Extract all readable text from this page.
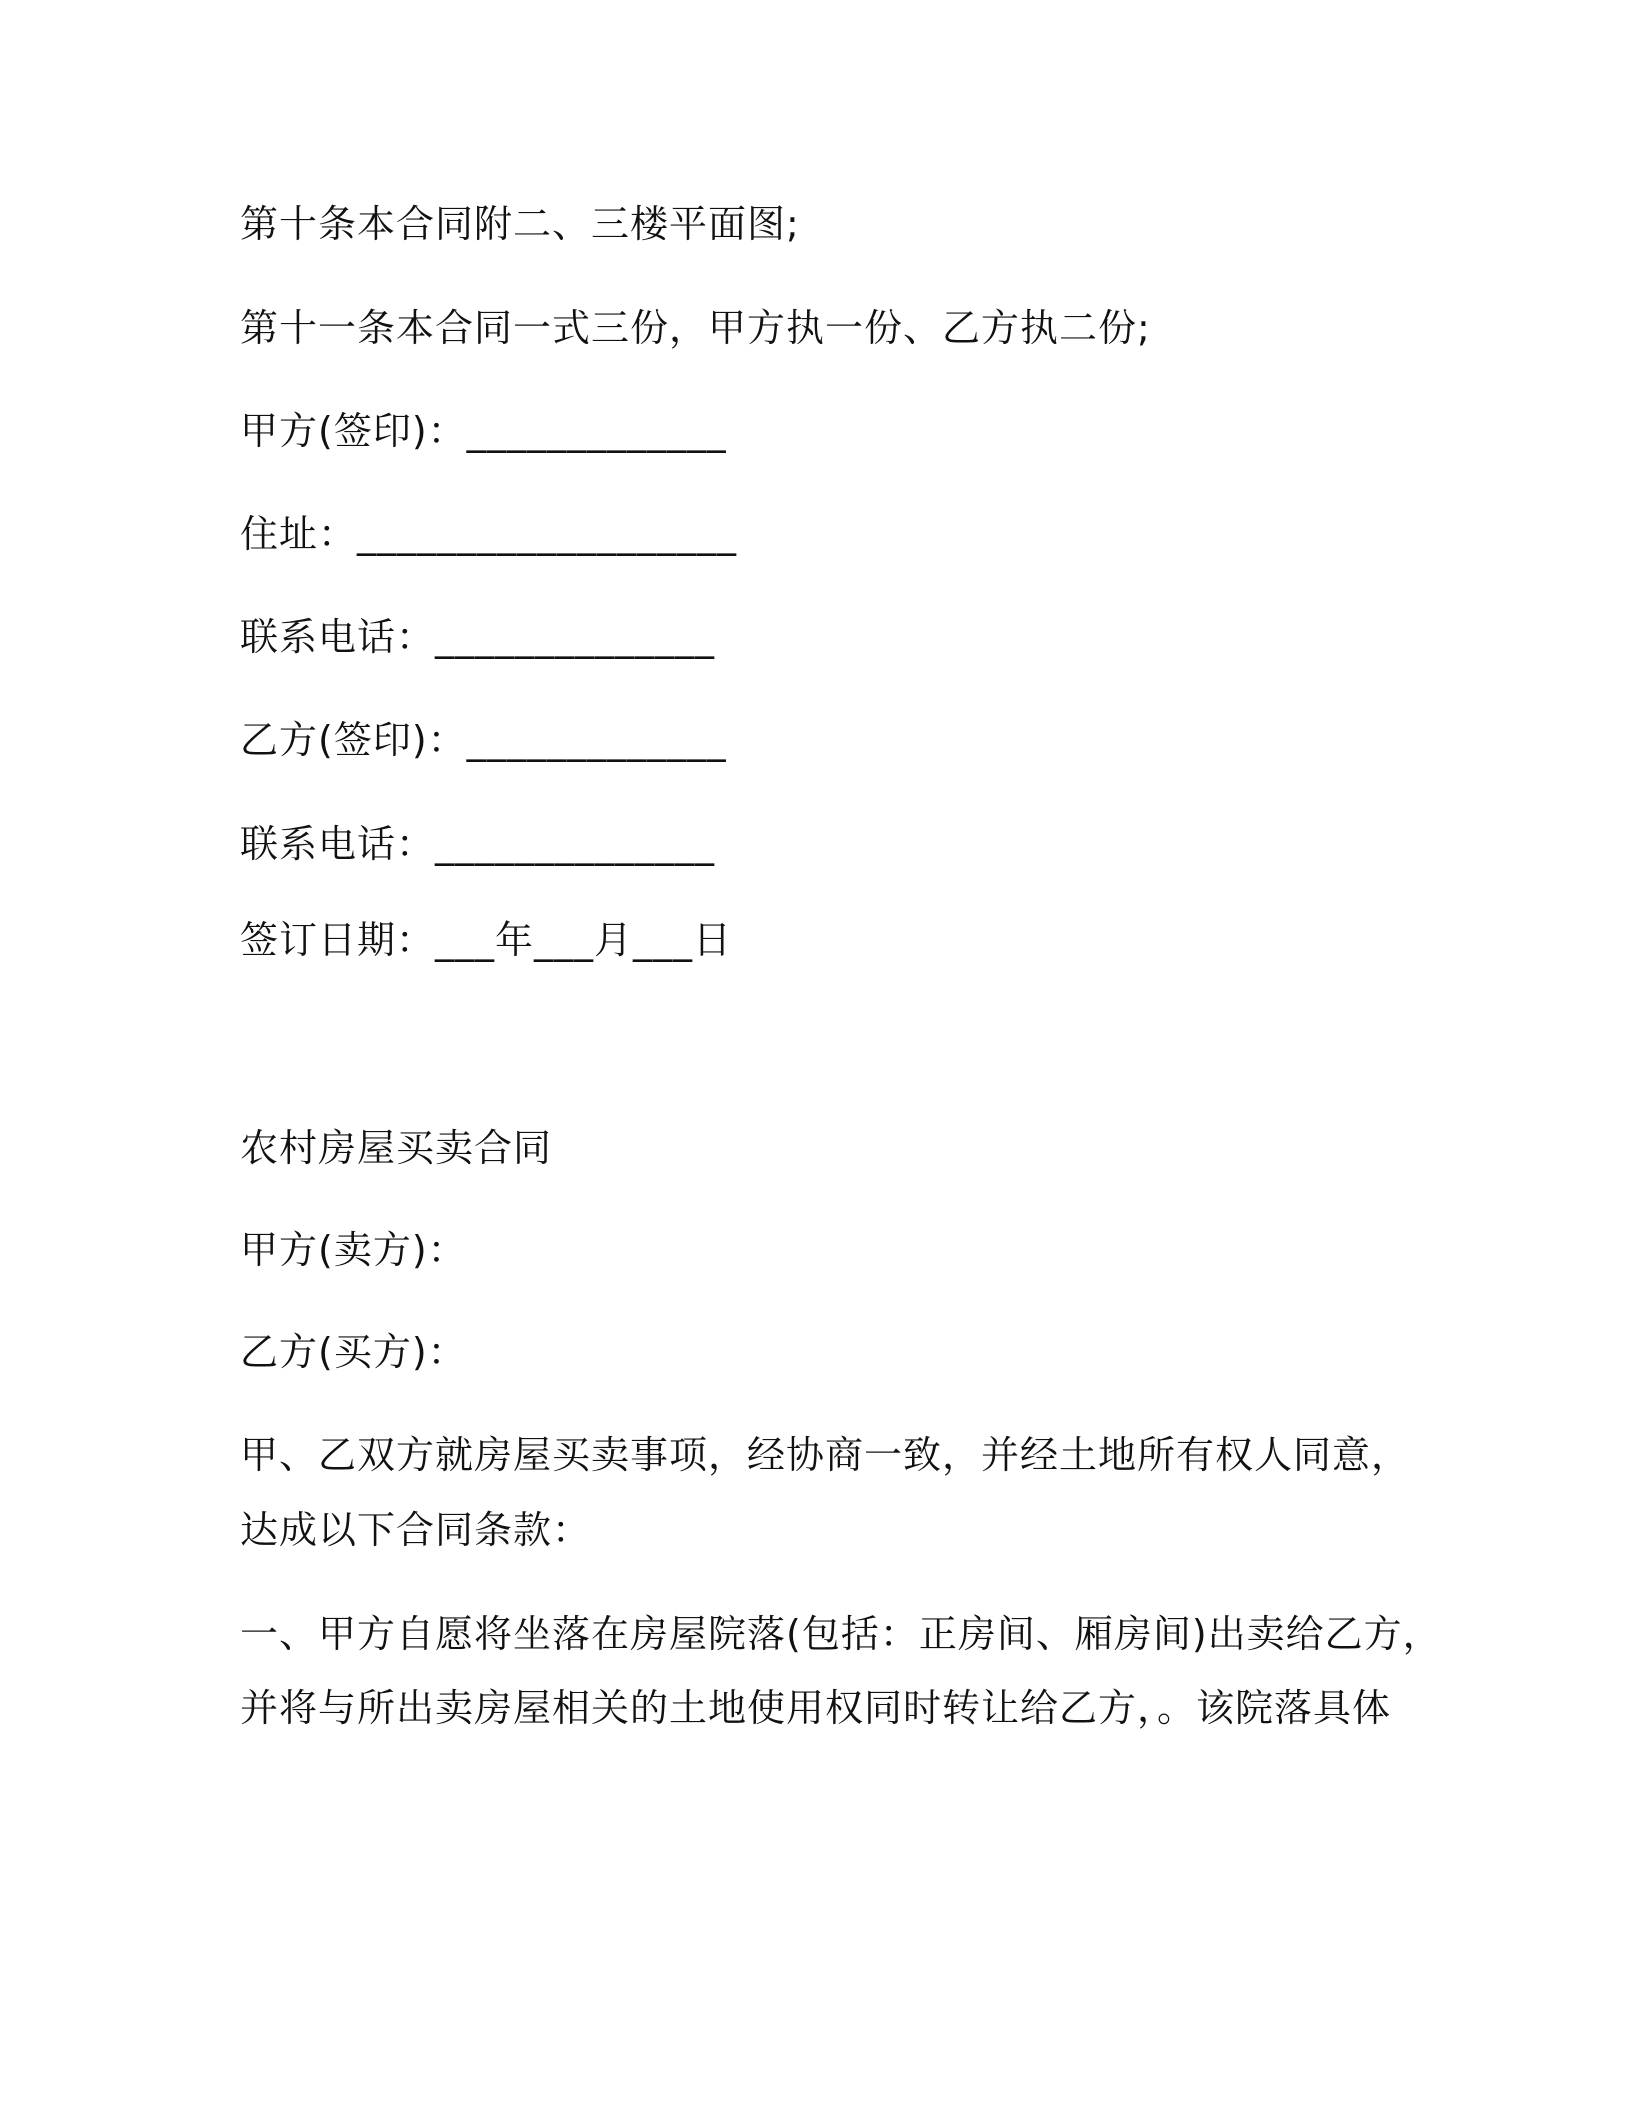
第十条本合同附二、三楼平面图;
第十一条本合同一式三份，甲方执一份、乙方执二份;
甲方(签印)：_____________
住址：___________________
联系电话：______________
乙方(签印)：_____________
联系电话：______________
签订日期：___年___月___日
农村房屋买卖合同
甲方(卖方)：
乙方(买方)：
甲、乙双方就房屋买卖事项，经协商一致，并经土地所有权人同意，
达成以下合同条款：
一、甲方自愿将坐落在房屋院落(包括：正房间、厢房间)出卖给乙方，
并将与所出卖房屋相关的土地使用权同时转让给乙方，。该院落具体
